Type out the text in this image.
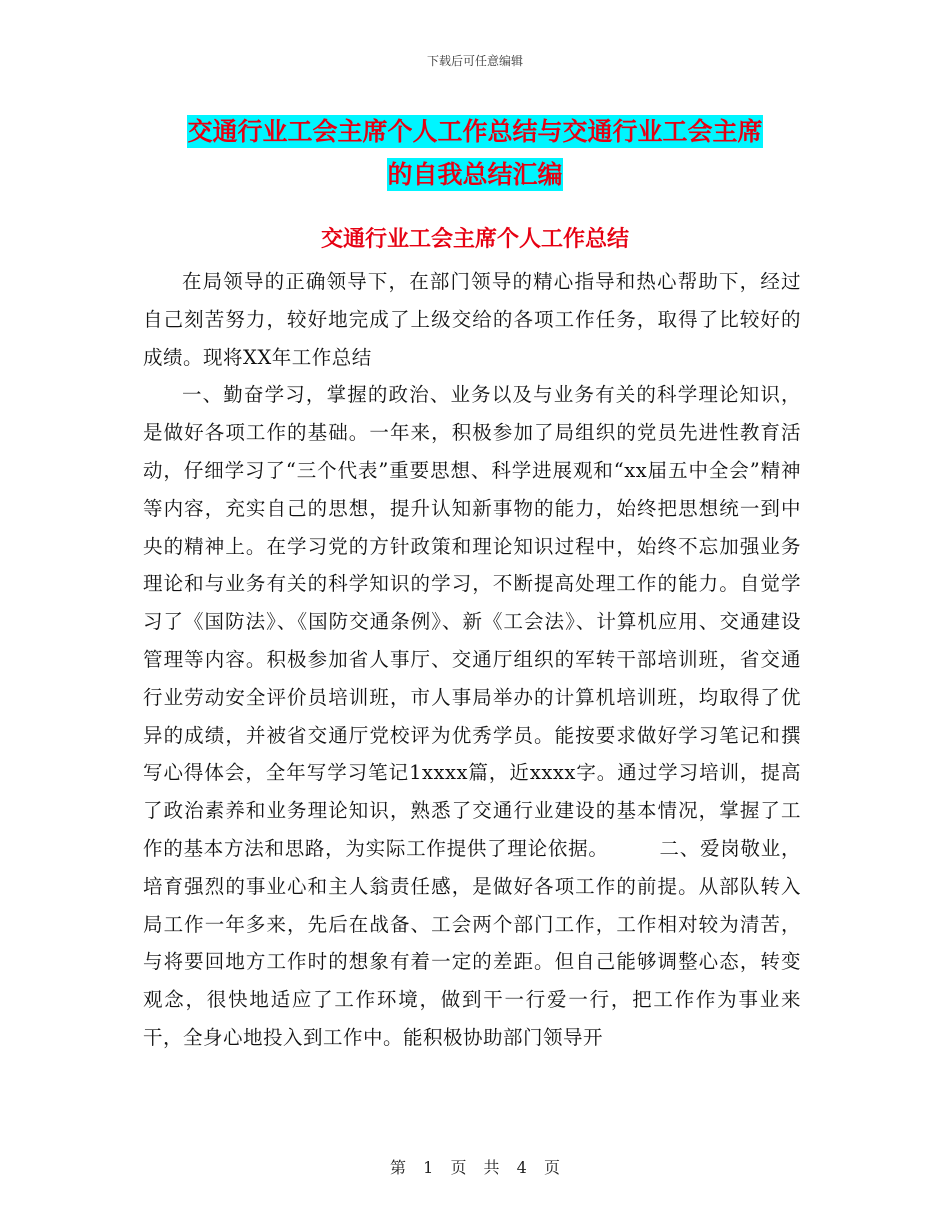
下载后可任意编辑
交通行业工会主席个人工作总结与交通行业工会主席
的自我总结汇编
交通行业工会主席个人工作总结

在局领导的正确领导下，在部门领导的精心指导和热心帮助下，经过自己刻苦努力，较好地完成了上级交给的各项工作任务，取得了比较好的成绩。现将XX年工作总结

一、勤奋学习，掌握的政治、业务以及与业务有关的科学理论知识，是做好各项工作的基础。一年来，积极参加了局组织的党员先进性教育活动，仔细学习了“三个代表”重要思想、科学进展观和“xx届五中全会”精神等内容，充实自己的思想，提升认知新事物的能力，始终把思想统一到中央的精神上。在学习党的方针政策和理论知识过程中，始终不忘加强业务理论和与业务有关的科学知识的学习，不断提高处理工作的能力。自觉学习了《国防法》、《国防交通条例》、新《工会法》、计算机应用、交通建设管理等内容。积极参加省人事厅、交通厅组织的军转干部培训班，省交通行业劳动安全评价员培训班，市人事局举办的计算机培训班，均取得了优异的成绩，并被省交通厅党校评为优秀学员。能按要求做好学习笔记和撰写心得体会，全年写学习笔记1xxxx篇，近xxxx字。通过学习培训，提高了政治素养和业务理论知识，熟悉了交通行业建设的基本情况，掌握了工作的基本方法和思路，为实际工作提供了理论依据。　　　二、爱岗敬业，培育强烈的事业心和主人翁责任感，是做好各项工作的前提。从部队转入局工作一年多来，先后在战备、工会两个部门工作，工作相对较为清苦，与将要回地方工作时的想象有着一定的差距。但自己能够调整心态，转变观念，很快地适应了工作环境，做到干一行爱一行，把工作作为事业来干，全身心地投入到工作中。能积极协助部门领导开

第 1 页 共 4 页
